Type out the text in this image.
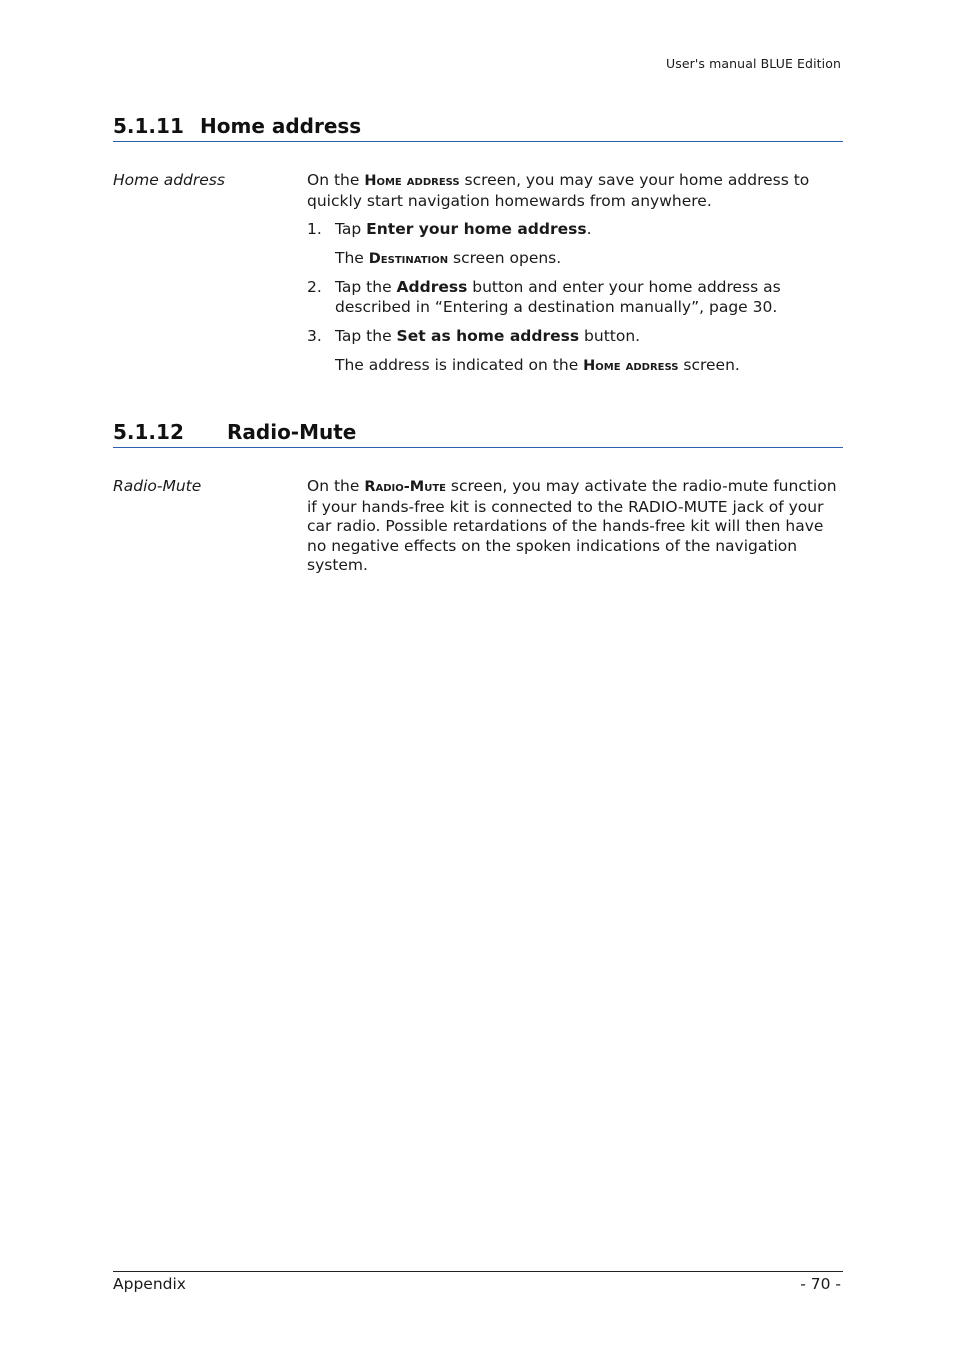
User's manual BLUE Edition
5.1.11 Home address
Home address	On the Home address screen, you may save your home address to quickly start navigation homewards from anywhere.

1. Tap Enter your home address.
The Destination screen opens.
2. Tap the Address button and enter your home address as described in “Entering a destination manually”, page 30.
3. Tap the Set as home address button.
The address is indicated on the Home address screen.
5.1.12 Radio-Mute
Radio-Mute	On the Radio-Mute screen, you may activate the radio-mute function if your hands-free kit is connected to the RADIO-MUTE jack of your car radio. Possible retardations of the hands-free kit will then have no negative effects on the spoken indications of the navigation system.

Appendix	- 70 -
